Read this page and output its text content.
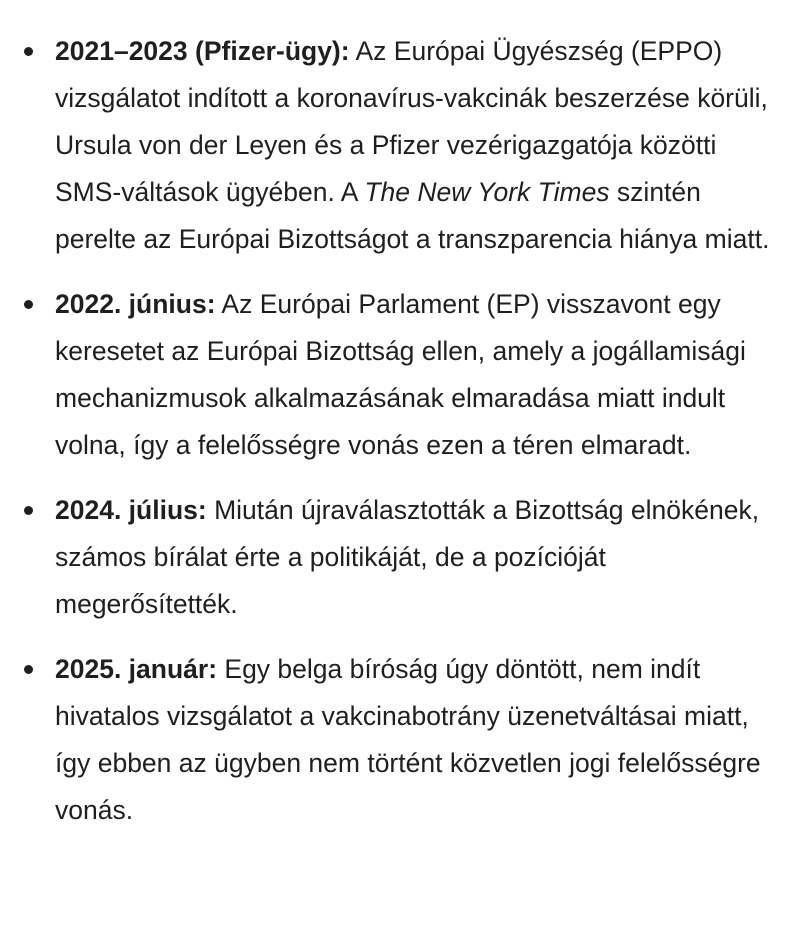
2021–2023 (Pfizer-ügy): Az Európai Ügyészség (EPPO) vizsgálatot indított a koronavírus-vakcinák beszerzése körüli, Ursula von der Leyen és a Pfizer vezérigazgatója közötti SMS-váltások ügyében. A The New York Times szintén perelte az Európai Bizottságot a transzparencia hiánya miatt.
2022. június: Az Európai Parlament (EP) visszavont egy keresetet az Európai Bizottság ellen, amely a jogállamisági mechanizmusok alkalmazásának elmaradása miatt indult volna, így a felelősségre vonás ezen a téren elmaradt.
2024. július: Miután újraválasztották a Bizottság elnökének, számos bírálat érte a politikáját, de a pozícióját megerősítették.
2025. január: Egy belga bíróság úgy döntött, nem indít hivatalos vizsgálatot a vakcinabotrány üzenetváltásai miatt, így ebben az ügyben nem történt közvetlen jogi felelősségre vonás.
